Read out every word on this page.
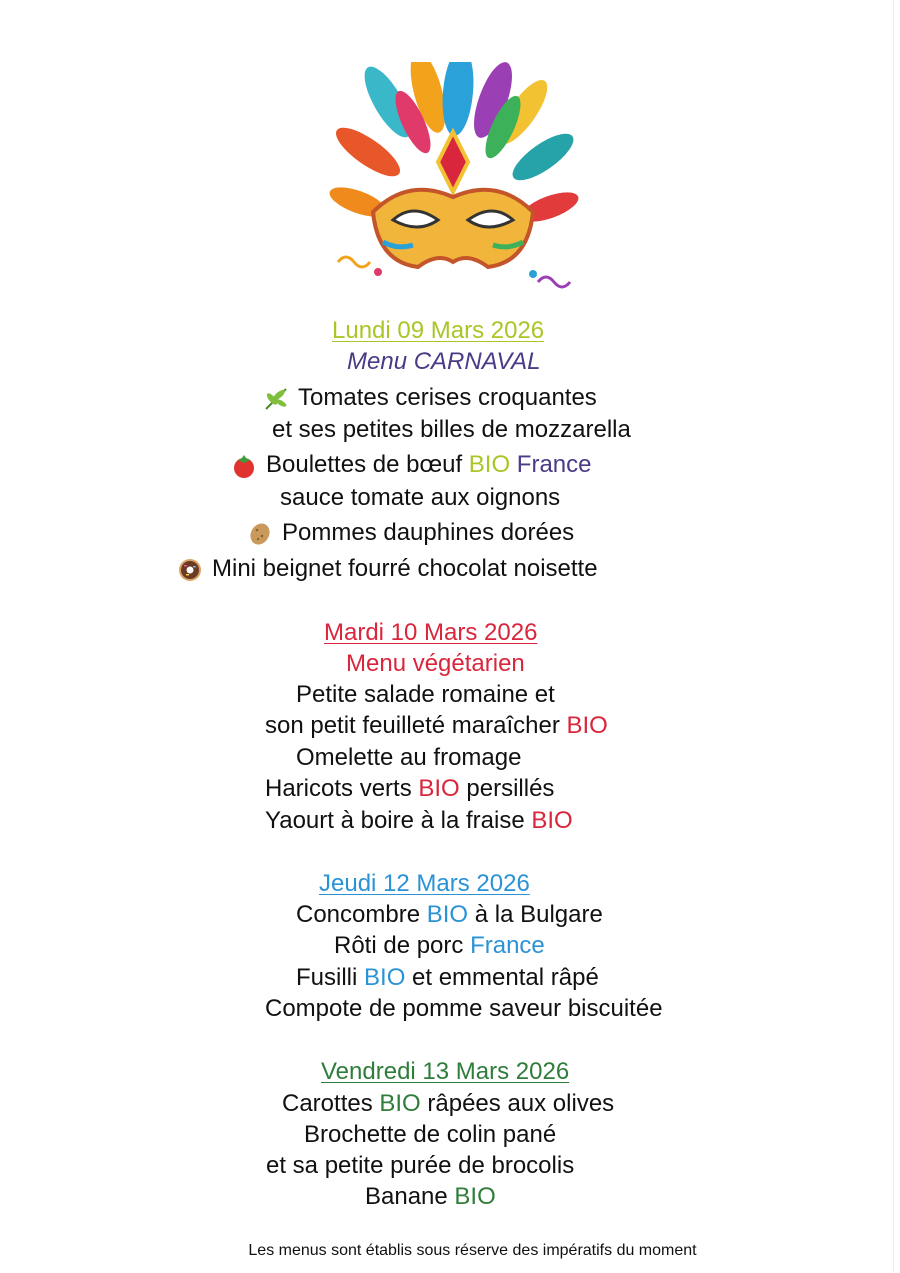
Lundi 09 Mars 2026
Menu CARNAVAL
Tomates cerises croquantes
et ses petites billes de mozzarella
Boulettes de bœuf BIO France
sauce tomate aux oignons
Pommes dauphines dorées
Mini beignet fourré chocolat noisette
Mardi 10 Mars 2026
Menu végétarien
Petite salade romaine et
son petit feuilleté maraîcher BIO
Omelette au fromage
Haricots verts BIO persillés
Yaourt à boire à la fraise BIO
Jeudi 12 Mars 2026
Concombre BIO à la Bulgare
Rôti de porc France
Fusilli BIO et emmental râpé
Compote de pomme saveur biscuitée
Vendredi 13 Mars 2026
Carottes BIO râpées aux olives
Brochette de colin pané
et sa petite purée de brocolis
Banane BIO
Les menus sont établis sous réserve des impératifs du moment
